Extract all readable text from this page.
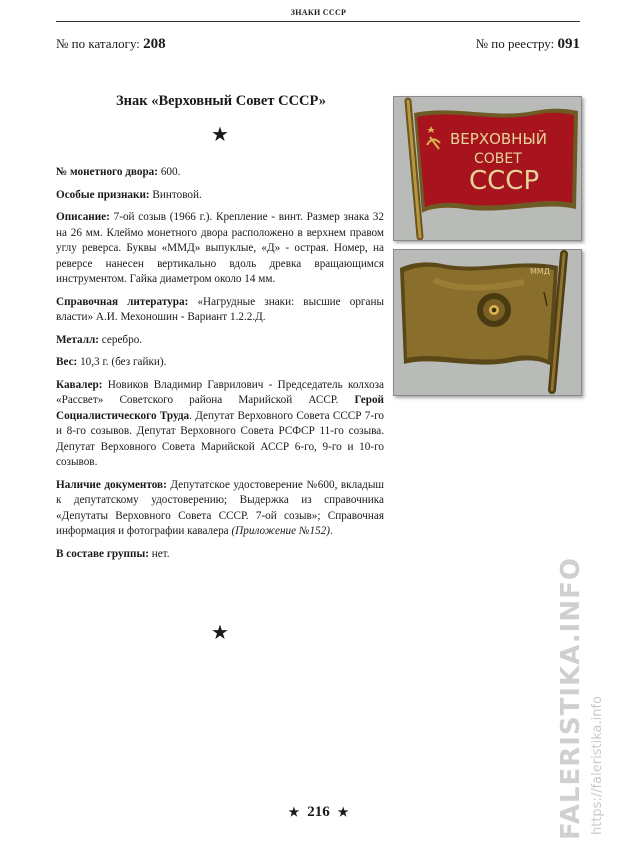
ЗНАКИ СССР
№ по каталогу: 208	№ по реестру: 091
Знак «Верховный Совет СССР»
★

№ монетного двора: 600.

Особые признаки: Винтовой.

Описание: 7-ой созыв (1966 г.). Крепление - винт. Размер знака 32 на 26 мм. Клеймо монетного двора расположено в верхнем правом углу реверса. Буквы «ММД» выпуклые, «Д» - острая. Номер, на реверсе нанесен вертикально вдоль древка вращающимся инструментом. Гайка диаметром около 14 мм.

Справочная литература: «Нагрудные знаки: высшие органы власти» А.И. Мехоношин - Вариант 1.2.2.Д.

Металл: серебро.

Вес: 10,3 г. (без гайки).

Кавалер: Новиков Владимир Гаврилович - Председатель колхоза «Рассвет» Советского района Марийской АССР. Герой Социалистического Труда. Депутат Верховного Совета СССР 7-го и 8-го созывов. Депутат Верховного Совета РСФСР 11-го созыва. Депутат Верховного Совета Марийской АССР 6-го, 9-го и 10-го созывов.

Наличие документов: Депутатское удостоверение №600, вкладыш к депутатскому удостоверению; Выдержка из справочника «Депутаты Верховного Совета СССР. 7-ой созыв»; Справочная информация и фотографии кавалера (Приложение №152).

В составе группы: нет.

★
ВЕРХОВНЫЙ
СОВЕТ
СССР
ММД
★ 216 ★	FALERISTIKA.INFO https://faleristika.info
